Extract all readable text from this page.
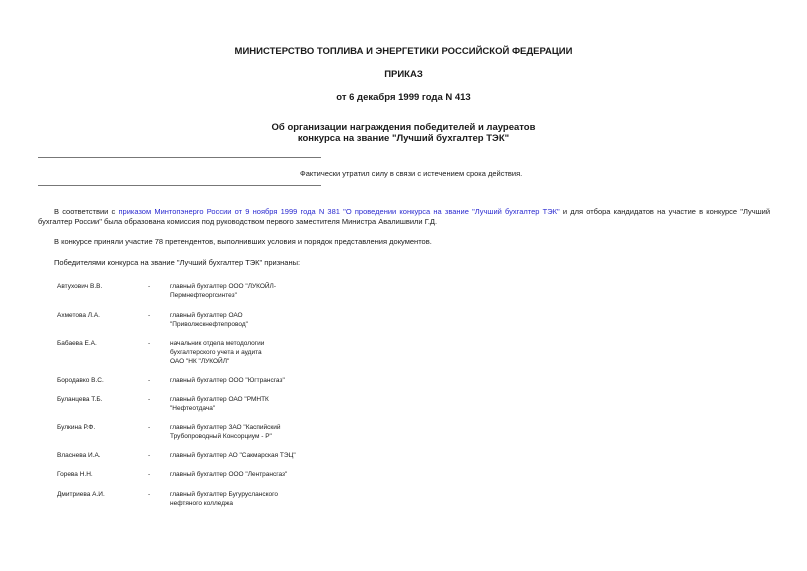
МИНИСТЕРСТВО ТОПЛИВА И ЭНЕРГЕТИКИ РОССИЙСКОЙ ФЕДЕРАЦИИ
ПРИКАЗ
от 6 декабря 1999 года N 413
Об организации награждения победителей и лауреатов
конкурса на звание "Лучший бухгалтер ТЭК"
Фактически утратил силу в связи с истечением срока действия.
В соответствии с приказом Минтопэнерго России от 9 ноября 1999 года N 381 "О проведении конкурса на звание "Лучший бухгалтер ТЭК" и для отбора кандидатов на участие в конкурсе "Лучший бухгалтер России" была образована комиссия под руководством первого заместителя Министра Авалишвили Г.Д.
В конкурсе приняли участие 78 претендентов, выполнивших условия и порядок представления документов.
Победителями конкурса на звание "Лучший бухгалтер ТЭК" признаны:
Автухович В.В.	-	главный бухгалтер ООО "ЛУКОЙЛ-
Пермнефтеоргсинтез"
Ахметова Л.А.	-	главный бухгалтер ОАО
"Приволжскнефтепровод"
Бабаева Е.А.	-	начальник отдела методологии
бухгалтерского учета и аудита
ОАО "НК "ЛУКОЙЛ"
Бородавко В.С.	-	главный бухгалтер ООО "Югтрансгаз"
Буланцева Т.Б.	-	главный бухгалтер ОАО "РМНТК
"Нефтеотдача"
Булкина Р.Ф.	-	главный бухгалтер ЗАО "Каспийский
Трубопроводный Консорциум - Р"
Власнева И.А.	-	главный бухгалтер АО "Сакмарская ТЭЦ"
Горева Н.Н.	-	главный бухгалтер ООО "Лентрансгаз"
Дмитриева А.И.	-	главный бухгалтер Бугурусланского
нефтяного колледжа
